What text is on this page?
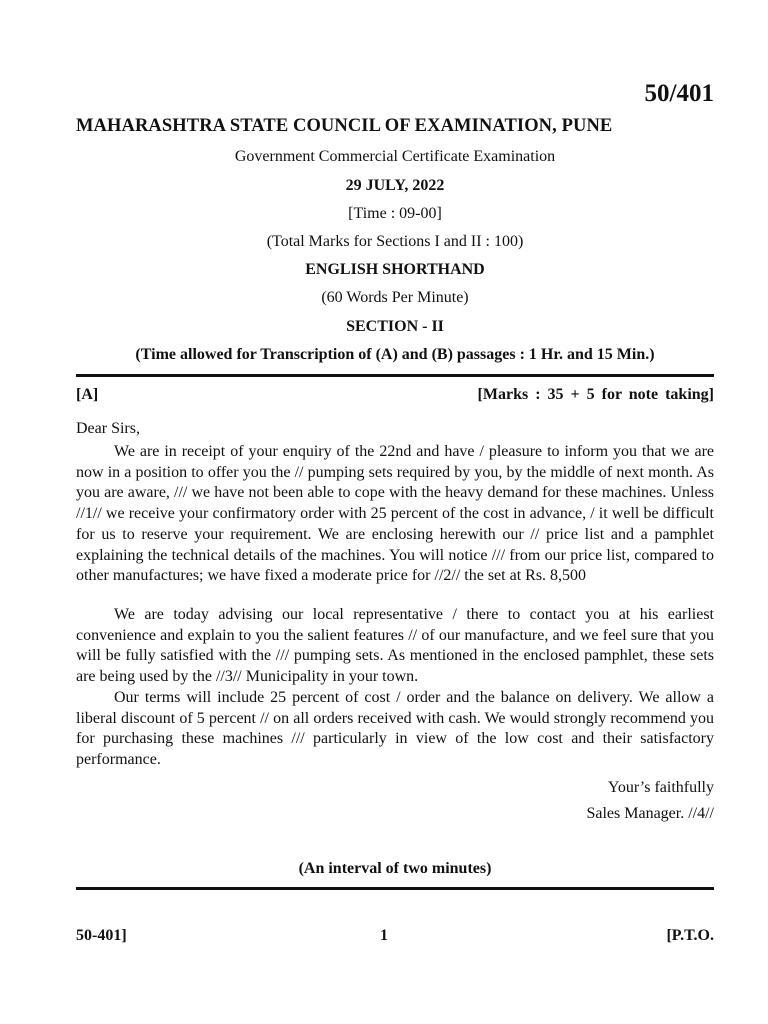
50/401
MAHARASHTRA STATE COUNCIL OF EXAMINATION, PUNE
Government Commercial Certificate Examination
29 JULY, 2022
[Time : 09-00]
(Total Marks for Sections I and II : 100)
ENGLISH SHORTHAND
(60 Words Per Minute)
SECTION - II
(Time allowed for Transcription of (A) and (B) passages : 1 Hr. and 15 Min.)
[A]	[Marks : 35 + 5 for note taking]
Dear Sirs,

We are in receipt of your enquiry of the 22nd and have / pleasure to inform you that we are now in a position to offer you the // pumping sets required by you, by the middle of next month. As you are aware, /// we have not been able to cope with the heavy demand for these machines. Unless //1// we receive your confirmatory order with 25 percent of the cost in advance, / it well be difficult for us to reserve your requirement. We are enclosing herewith our // price list and a pamphlet explaining the technical details of the machines. You will notice /// from our price list, compared to other manufactures; we have fixed a moderate price for //2// the set at Rs. 8,500

We are today advising our local representative / there to contact you at his earliest convenience and explain to you the salient features // of our manufacture, and we feel sure that you will be fully satisfied with the /// pumping sets. As mentioned in the enclosed pamphlet, these sets are being used by the //3// Municipality in your town.

Our terms will include 25 percent of cost / order and the balance on delivery. We allow a liberal discount of 5 percent // on all orders received with cash. We would strongly recommend you for purchasing these machines /// particularly in view of the low cost and their satisfactory performance.

Your’s faithfully
Sales Manager. //4//
(An interval of two minutes)
50-401]	1	[P.T.O.
